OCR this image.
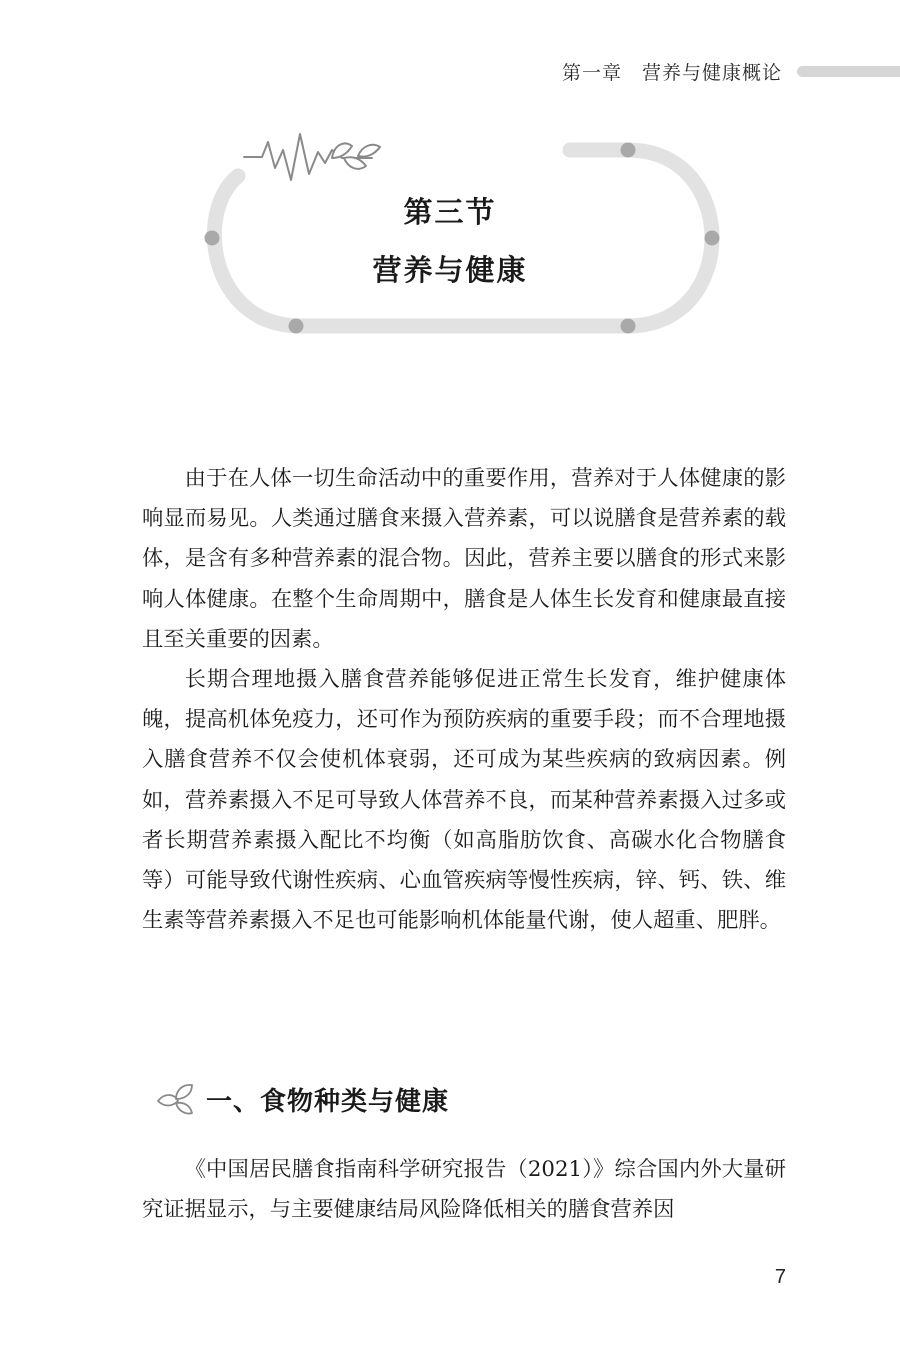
第一章　营养与健康概论
第三节
营养与健康

由于在人体一切生命活动中的重要作用，营养对于人体健康的影响显而易见。人类通过膳食来摄入营养素，可以说膳食是营养素的载体，是含有多种营养素的混合物。因此，营养主要以膳食的形式来影响人体健康。在整个生命周期中，膳食是人体生长发育和健康最直接且至关重要的因素。

长期合理地摄入膳食营养能够促进正常生长发育，维护健康体魄，提高机体免疫力，还可作为预防疾病的重要手段；而不合理地摄入膳食营养不仅会使机体衰弱，还可成为某些疾病的致病因素。例如，营养素摄入不足可导致人体营养不良，而某种营养素摄入过多或者长期营养素摄入配比不均衡（如高脂肪饮食、高碳水化合物膳食等）可能导致代谢性疾病、心血管疾病等慢性疾病，锌、钙、铁、维生素等营养素摄入不足也可能影响机体能量代谢，使人超重、肥胖。

一、食物种类与健康

《中国居民膳食指南科学研究报告（2021）》综合国内外大量研究证据显示，与主要健康结局风险降低相关的膳食营养因

7
